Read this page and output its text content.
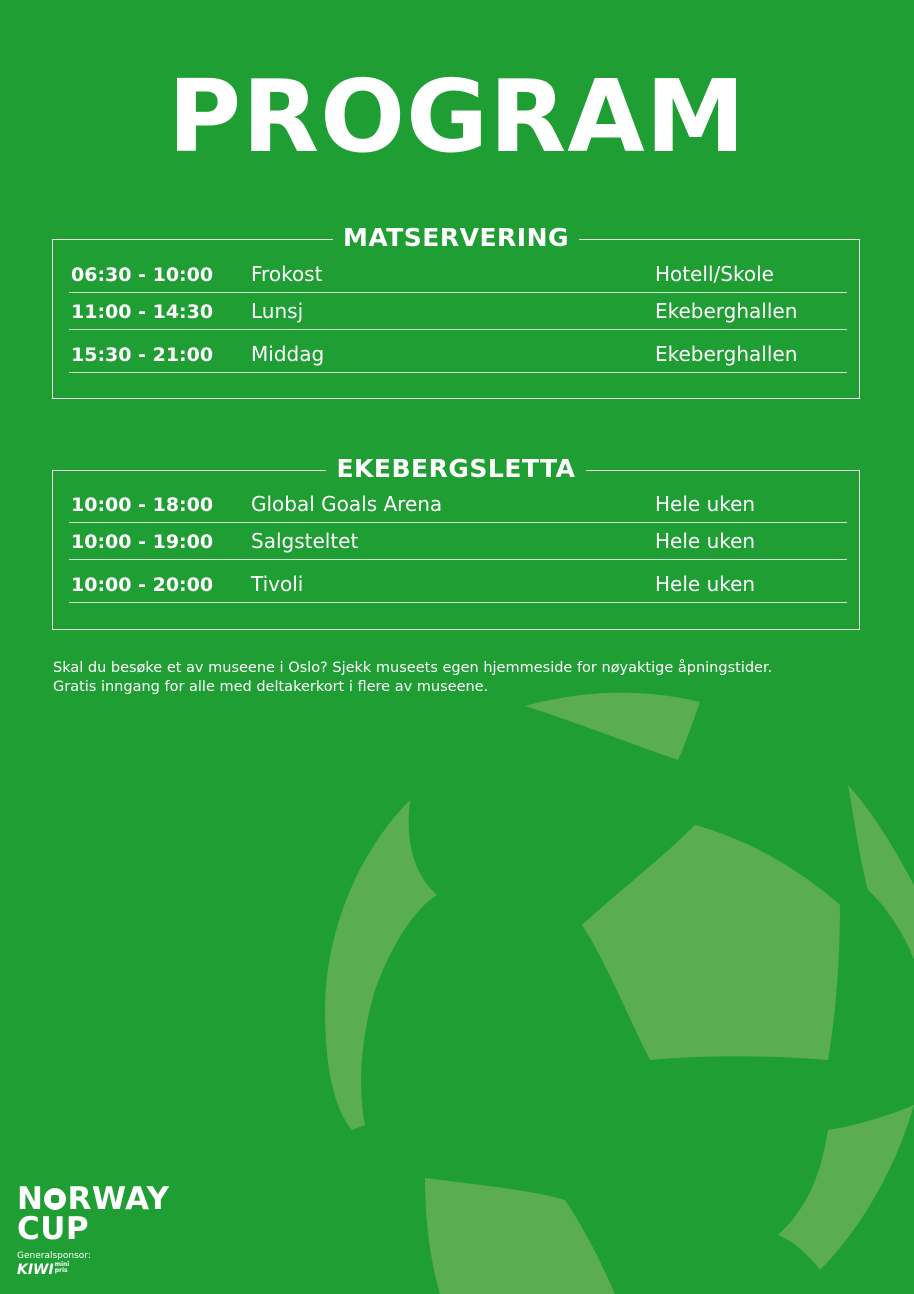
PROGRAM
MATSERVERING
06:30 - 10:00 Frokost	Hotell/Skole
11:00 - 14:30 Lunsj	Ekeberghallen
15:30 - 21:00 Middag	Ekeberghallen
EKEBERGSLETTA
10:00 - 18:00 Global Goals Arena	Hele uken
10:00 - 19:00 Salgsteltet	Hele uken
10:00 - 20:00 Tivoli	Hele uken
Skal du besøke et av museene i Oslo? Sjekk museets egen hjemmeside for nøyaktige åpningstider.
Gratis inngang for alle med deltakerkort i flere av museene.
N RWAY
CUP
Generalsponsor:
KIWImini
pris
